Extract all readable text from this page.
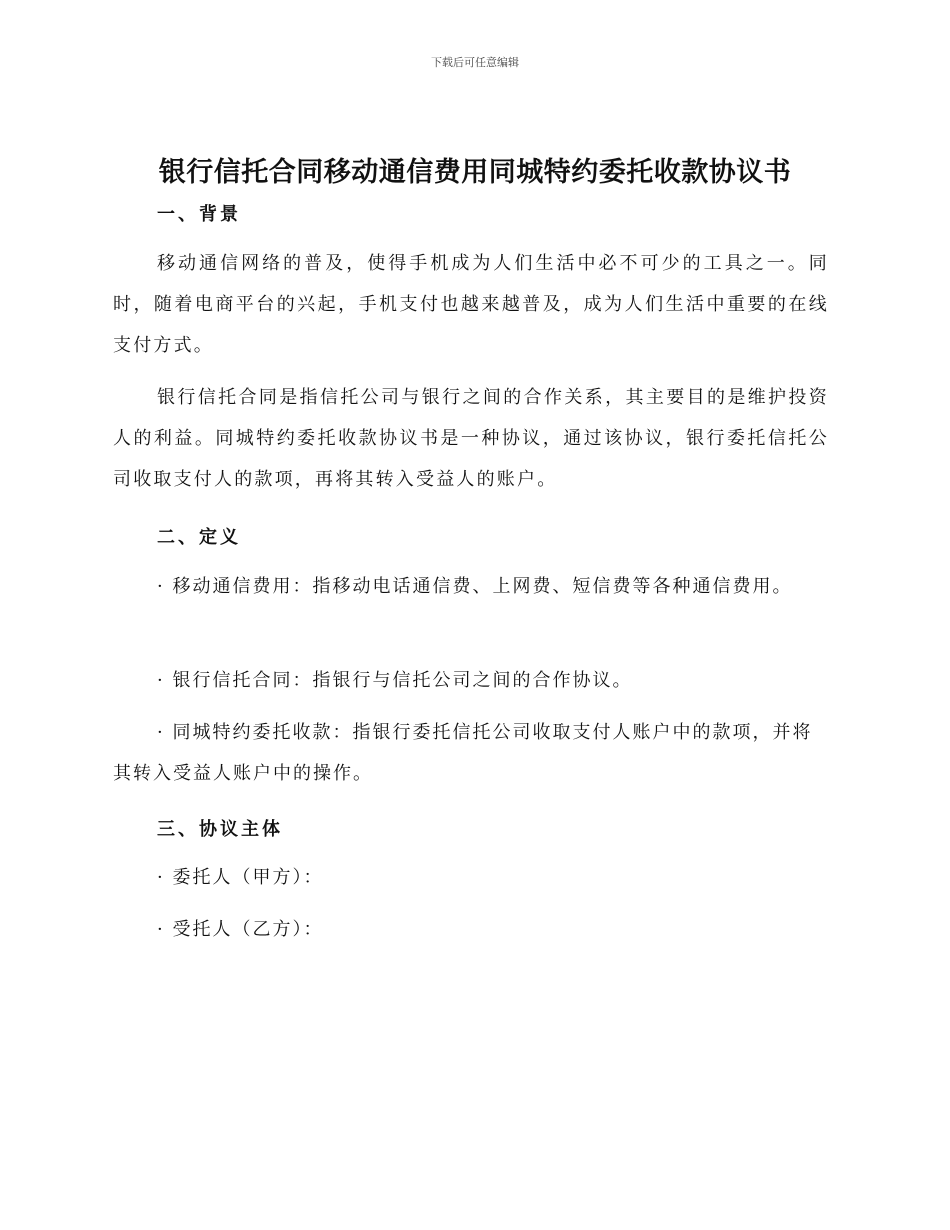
下载后可任意编辑
银行信托合同移动通信费用同城特约委托收款协议书
一、背景
移动通信网络的普及，使得手机成为人们生活中必不可少的工具之一。同时，随着电商平台的兴起，手机支付也越来越普及，成为人们生活中重要的在线支付方式。
银行信托合同是指信托公司与银行之间的合作关系，其主要目的是维护投资人的利益。同城特约委托收款协议书是一种协议，通过该协议，银行委托信托公司收取支付人的款项，再将其转入受益人的账户。
二、定义
· 移动通信费用：指移动电话通信费、上网费、短信费等各种通信费用。
· 银行信托合同：指银行与信托公司之间的合作协议。
· 同城特约委托收款：指银行委托信托公司收取支付人账户中的款项，并将其转入受益人账户中的操作。
三、协议主体
· 委托人（甲方）：
· 受托人（乙方）：
